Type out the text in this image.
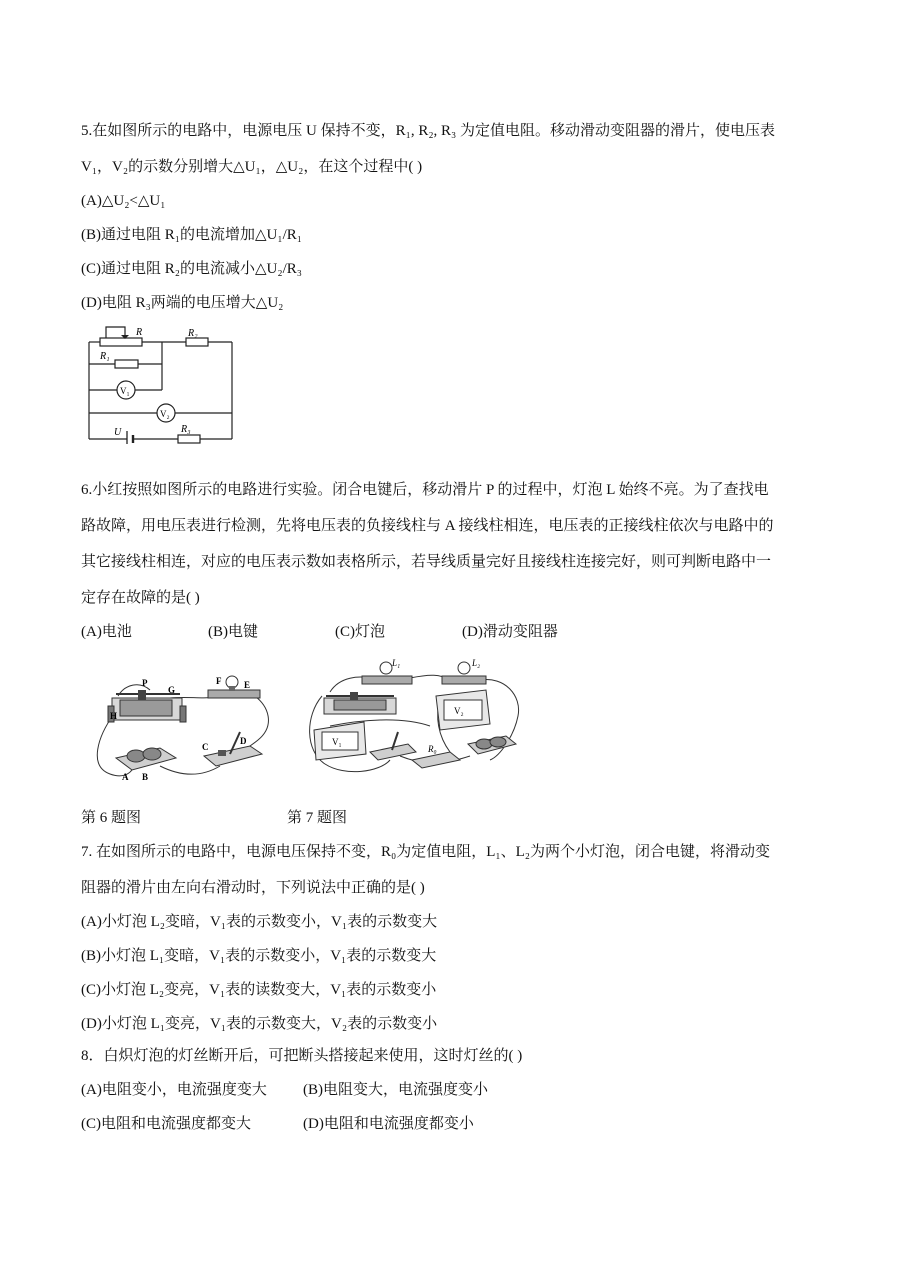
5.在如图所示的电路中，电源电压 U 保持不变，R₁, R₂, R₃ 为定值电阻。移动滑动变阻器的滑片，使电压表
V₁，V₂的示数分别增大△U₁，△U₂，在这个过程中( )
(A)△U₂<△U₁
(B)通过电阻 R₁的电流增加△U₁/R₁
(C)通过电阻 R₂的电流减小△U₂/R₃
(D)电阻 R₃两端的电压增大△U₂
R	R₂
R₁
V₁
V₂
U	R₃
6.小红按照如图所示的电路进行实验。闭合电键后，移动滑片 P 的过程中，灯泡 L 始终不亮。为了查找电
路故障，用电压表进行检测，先将电压表的负接线柱与 A 接线柱相连，电压表的正接线柱依次与电路中的
其它接线柱相连，对应的电压表示数如表格所示，若导线质量完好且接线柱连接完好，则可判断电路中一
定存在故障的是( )
(A)电池	(B)电键	(C)灯泡	(D)滑动变阻器
P
G
F	E
H
A B
C
D
L₁	L₂
R₀
V₁
V₂
第 6 题图	第 7 题图
7. 在如图所示的电路中，电源电压保持不变，R₀为定值电阻，L₁、L₂为两个小灯泡，闭合电键，将滑动变
阻器的滑片由左向右滑动时，下列说法中正确的是( )
(A)小灯泡 L₂变暗，V₁表的示数变小，V₁表的示数变大
(B)小灯泡 L₁变暗，V₁表的示数变小，V₁表的示数变大
(C)小灯泡 L₂变亮，V₁表的读数变大，V₁表的示数变小
(D)小灯泡 L₁变亮，V₁表的示数变大，V₂表的示数变小
8．白炽灯泡的灯丝断开后，可把断头搭接起来使用，这时灯丝的( )
(A)电阻变小，电流强度变大 (B)电阻变大，电流强度变小
(C)电阻和电流强度都变大	(D)电阻和电流强度都变小
